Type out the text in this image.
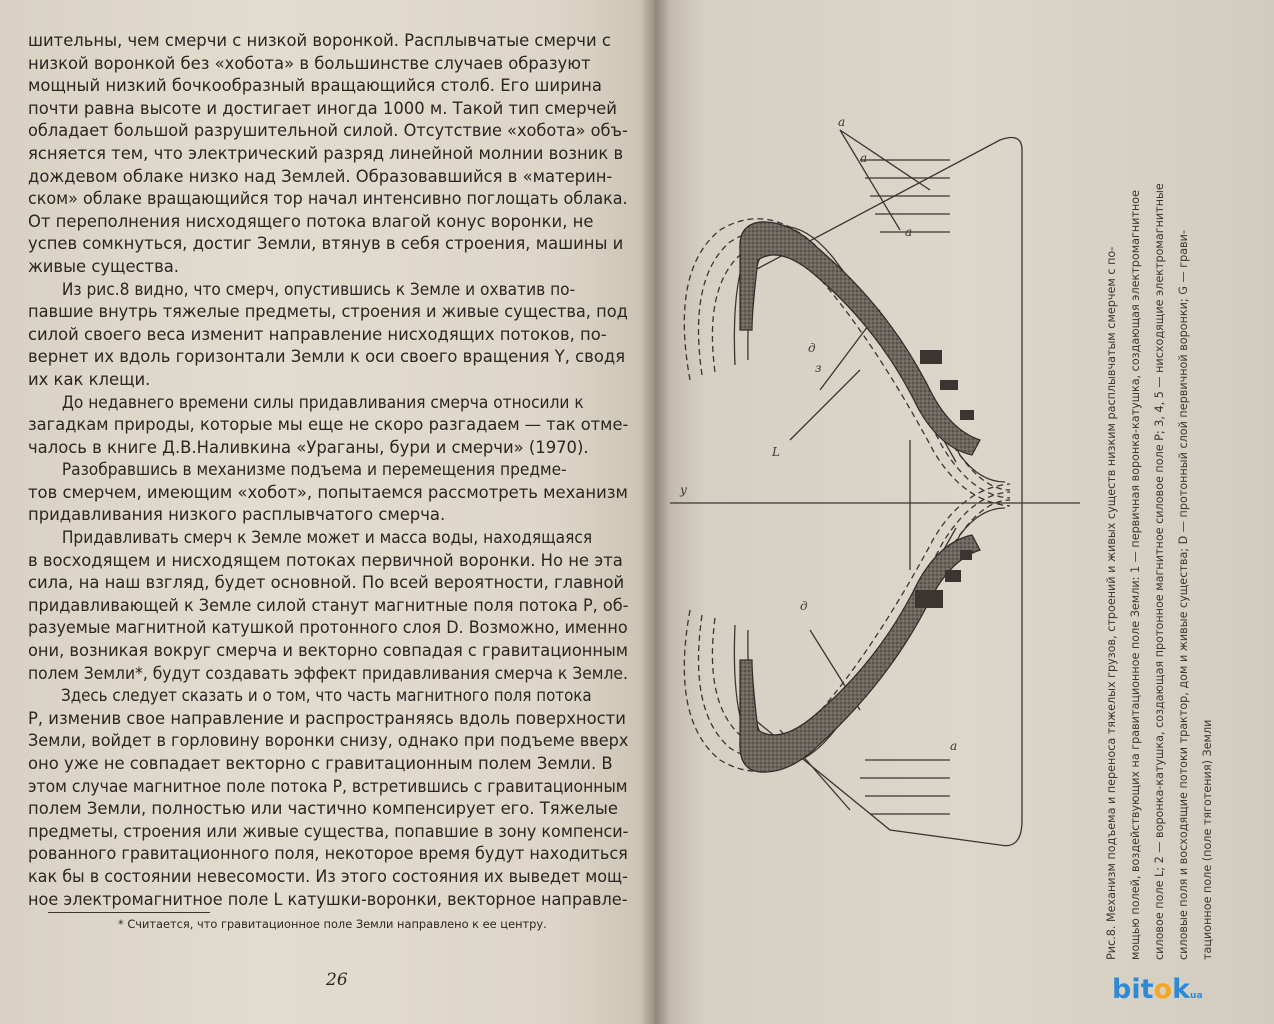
шительны, чем смерчи с низкой воронкой. Расплывчатые смерчи с
низкой воронкой без «хобота» в большинстве случаев образуют
мощный низкий бочкообразный вращающийся столб. Его ширина
почти равна высоте и достигает иногда 1000 м. Такой тип смерчей
обладает большой разрушительной силой. Отсутствие «хобота» объ-
ясняется тем, что электрический разряд линейной молнии возник в
дождевом облаке низко над Землей. Образовавшийся в «материн-
ском» облаке вращающийся тор начал интенсивно поглощать облака.
От переполнения нисходящего потока влагой конус воронки, не
успев сомкнуться, достиг Земли, втянув в себя строения, машины и
живые существа.

Из рис.8 видно, что смерч, опустившись к Земле и охватив по-
павшие внутрь тяжелые предметы, строения и живые существа, под
силой своего веса изменит направление нисходящих потоков, по-
вернет их вдоль горизонтали Земли к оси своего вращения Y, сводя
их как клещи.

До недавнего времени силы придавливания смерча относили к
загадкам природы, которые мы еще не скоро разгадаем — так отме-
чалось в книге Д.В.Наливкина «Ураганы, бури и смерчи» (1970).

Разобравшись в механизме подъема и перемещения предме-
тов смерчем, имеющим «хобот», попытаемся рассмотреть механизм
придавливания низкого расплывчатого смерча.

Придавливать смерч к Земле может и масса воды, находящаяся
в восходящем и нисходящем потоках первичной воронки. Но не эта
сила, на наш взгляд, будет основной. По всей вероятности, главной
придавливающей к Земле силой станут магнитные поля потока Р, об-
разуемые магнитной катушкой протонного слоя D. Возможно, именно
они, возникая вокруг смерча и векторно совпадая с гравитационным
полем Земли*, будут создавать эффект придавливания смерча к Земле.

Здесь следует сказать и о том, что часть магнитного поля потока
Р, изменив свое направление и распространяясь вдоль поверхности
Земли, войдет в горловину воронки снизу, однако при подъеме вверх
оно уже не совпадает векторно с гравитационным полем Земли. В
этом случае магнитное поле потока Р, встретившись с гравитационным
полем Земли, полностью или частично компенсирует его. Тяжелые
предметы, строения или живые существа, попавшие в зону компенси-
рованного гравитационного поля, некоторое время будут находиться
как бы в состоянии невесомости. Из этого состояния их выведет мощ-
ное электромагнитное поле L катушки-воронки, векторное направле-

* Считается, что гравитационное поле Земли направлено к ее центру.
26
у
а
а
a
д
з
L
д
а	Рис.8. Механизм подъема и переноса тяжелых грузов, строений и живых существ низким расплывчатым смерчем с по- мощью полей, воздействующих на гравитационное поле Земли: 1 — первичная воронка-катушка, создающая электромагнитное силовое поле L; 2 — воронка-катушка, создающая протонное магнитное силовое поле Р; 3, 4, 5 — нисходящие электромагнитные силовые поля и восходящие потоки трактор, дом и живые существа; D — протонный слой первичной воронки; G — грави- тационное поле (поле тяготения) Земли
bitokua
